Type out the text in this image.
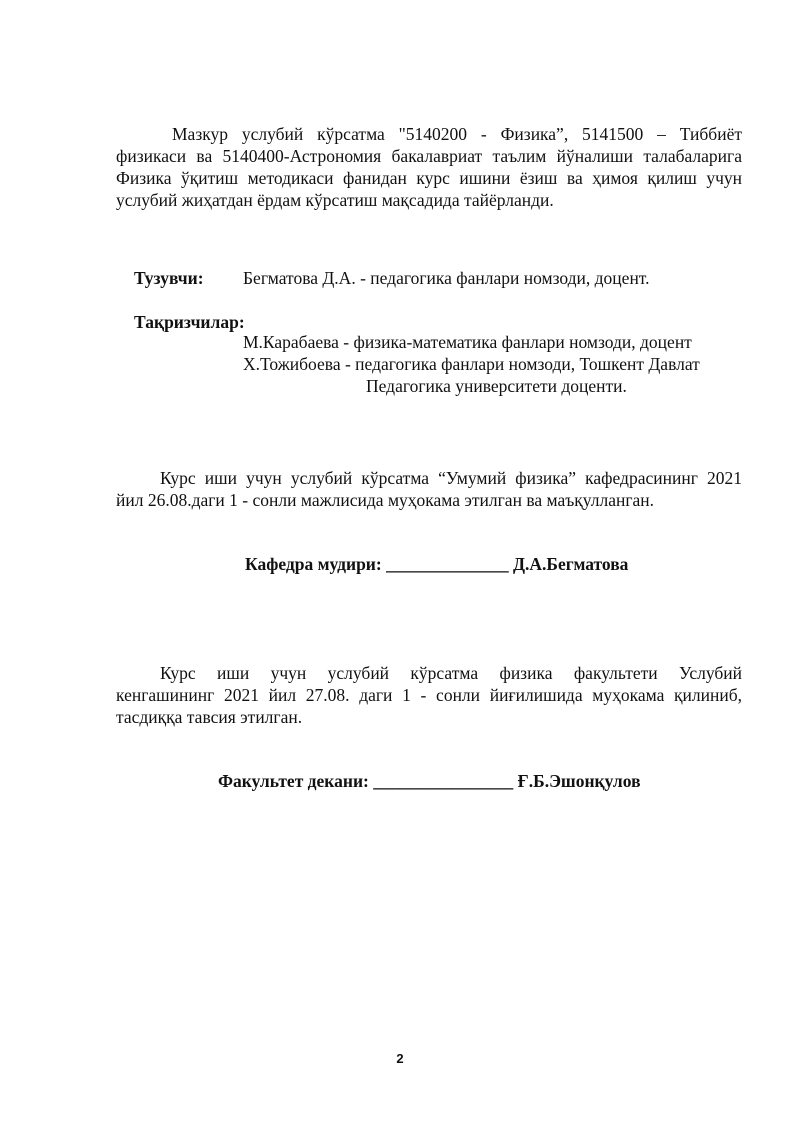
Мазкур услубий кўрсатма "5140200 - Физика”, 5141500 – Тиббиёт
физикаси ва 5140400-Астрономия бакалавриат таълим йўналиши талабаларига
Физика ўқитиш методикаси фанидан курс ишини ёзиш ва ҳимоя қилиш учун
услубий жиҳатдан ёрдам кўрсатиш мақсадида тайёрланди.
Тузувчи: Бегматова Д.А. - педагогика фанлари номзоди, доцент.
Тақризчилар:
М.Карабаева - физика-математика фанлари номзоди, доцент
Х.Тожибоева - педагогика фанлари номзоди, Тошкент Давлат
Педагогика университети доценти.
Курс иши учун услубий кўрсатма “Умумий физика” кафедрасининг 2021
йил 26.08.даги 1 - сонли мажлисида муҳокама этилган ва маъқулланган.
Кафедра мудири: ______________ Д.А.Бегматова
Курс иши учун услубий кўрсатма физика факультети Услубий
кенгашининг 2021 йил 27.08. даги 1 - сонли йиғилишида муҳокама қилиниб,
тасдиққа тавсия этилган.
Факультет декани: ________________ Ғ.Б.Эшонқулов
2
